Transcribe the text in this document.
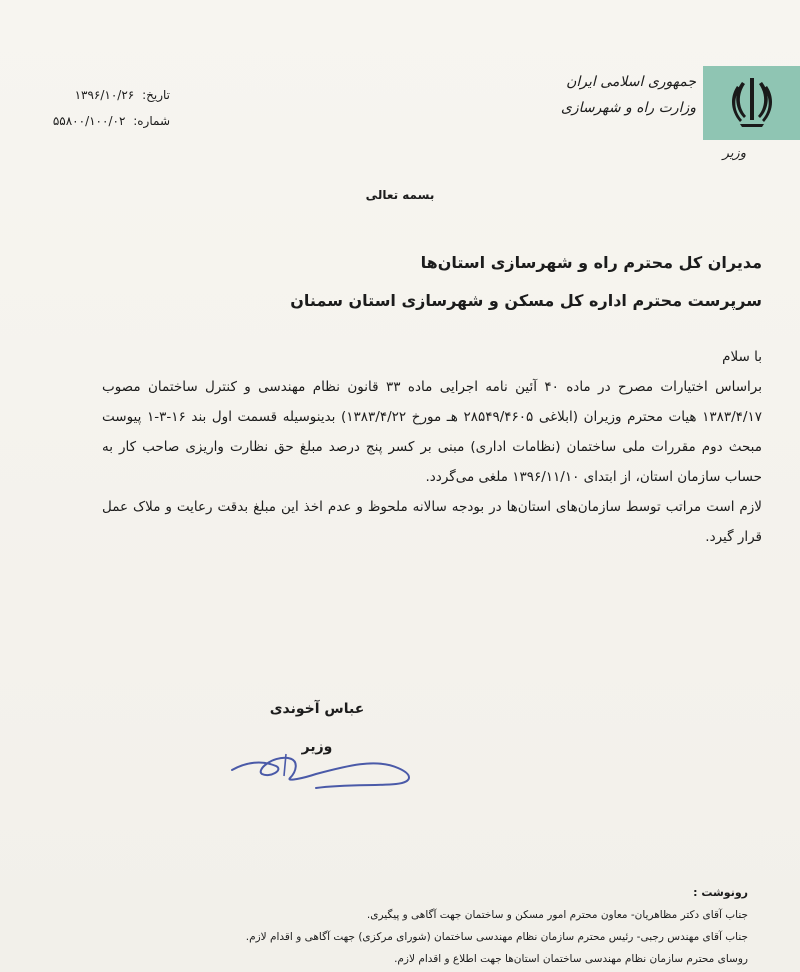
جمهوری اسلامی ایران
وزارت راه و شهرسازی
وزیر
تاریخ: ۱۳۹۶/۱۰/۲۶
شماره: ۵۵۸۰۰/۱۰۰/۰۲
بسمه تعالی
مدیران کل محترم راه و شهرسازی استان‌ها
سرپرست محترم اداره کل مسکن و شهرسازی استان سمنان

با سلام

براساس اختیارات مصرح در ماده ۴۰ آئین نامه اجرایی ماده ۳۳ قانون نظام مهندسی و کنترل ساختمان مصوب ۱۳۸۳/۴/۱۷ هیات محترم وزیران (ابلاغی ۲۸۵۴۹/۴۶۰۵ هـ مورخ ۱۳۸۳/۴/۲۲) بدینوسیله قسمت اول بند ۱۶-۳-۱ پیوست مبحث دوم مقررات ملی ساختمان (نظامات اداری) مبنی بر کسر پنج درصد مبلغ حق نظارت واریزی صاحب کار به حساب سازمان استان، از ابتدای ۱۳۹۶/۱۱/۱۰ ملغی می‌گردد.

لازم است مراتب توسط سازمان‌های استان‌ها در بودجه سالانه ملحوظ و عدم اخذ این مبلغ بدقت رعایت و ملاک عمل قرار گیرد.

عباس آخوندی
وزیر
رونوشت :
جناب آقای دکتر مظاهریان- معاون محترم امور مسکن و ساختمان جهت آگاهی و پیگیری.
جناب آقای مهندس رجبی- رئیس محترم سازمان نظام مهندسی ساختمان (شورای مرکزی) جهت آگاهی و اقدام لازم.
روسای محترم سازمان نظام مهندسی ساختمان استان‌ها جهت اطلاع و اقدام لازم.
